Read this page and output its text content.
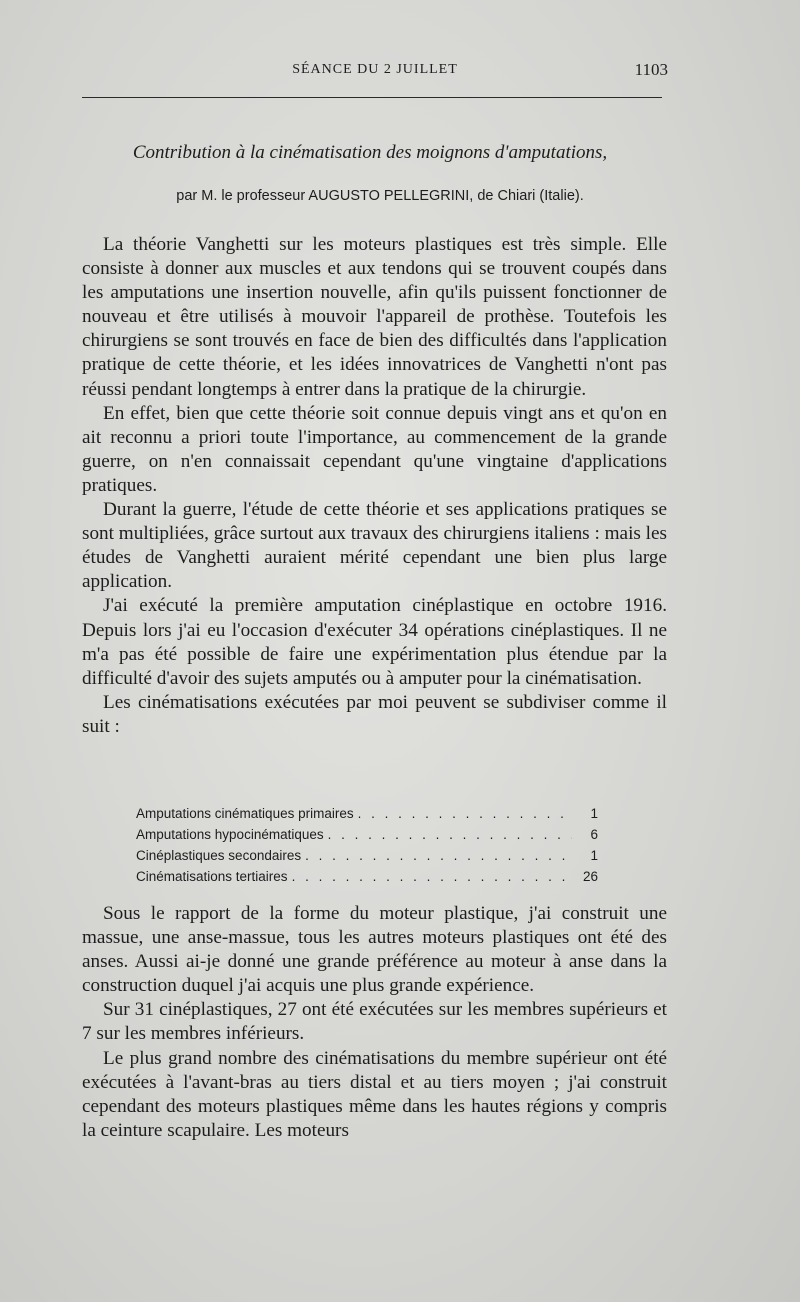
SÉANCE DU 2 JUILLET	1103
Contribution à la cinématisation des moignons d'amputations,
par M. le professeur AUGUSTO PELLEGRINI, de Chiari (Italie).

La théorie Vanghetti sur les moteurs plastiques est très simple. Elle consiste à donner aux muscles et aux tendons qui se trouvent coupés dans les amputations une insertion nouvelle, afin qu'ils puissent fonctionner de nouveau et être utilisés à mouvoir l'appareil de prothèse. Toutefois les chirurgiens se sont trouvés en face de bien des difficultés dans l'application pratique de cette théorie, et les idées innovatrices de Vanghetti n'ont pas réussi pendant longtemps à entrer dans la pratique de la chirurgie.

En effet, bien que cette théorie soit connue depuis vingt ans et qu'on en ait reconnu a priori toute l'importance, au commencement de la grande guerre, on n'en connaissait cependant qu'une vingtaine d'applications pratiques.

Durant la guerre, l'étude de cette théorie et ses applications pratiques se sont multipliées, grâce surtout aux travaux des chirurgiens italiens : mais les études de Vanghetti auraient mérité cependant une bien plus large application.

J'ai exécuté la première amputation cinéplastique en octobre 1916. Depuis lors j'ai eu l'occasion d'exécuter 34 opérations cinéplastiques. Il ne m'a pas été possible de faire une expérimentation plus étendue par la difficulté d'avoir des sujets amputés ou à amputer pour la cinématisation.

Les cinématisations exécutées par moi peuvent se subdiviser comme il suit :

Amputations cinématiques primaires . . .	1
Amputations hypocinématiques . . .	6
Cinéplastiques secondaires . . .	1
Cinématisations tertiaires . . .	26

Sous le rapport de la forme du moteur plastique, j'ai construit une massue, une anse-massue, tous les autres moteurs plastiques ont été des anses. Aussi ai-je donné une grande préférence au moteur à anse dans la construction duquel j'ai acquis une plus grande expérience.

Sur 31 cinéplastiques, 27 ont été exécutées sur les membres supérieurs et 7 sur les membres inférieurs.

Le plus grand nombre des cinématisations du membre supérieur ont été exécutées à l'avant-bras au tiers distal et au tiers moyen ; j'ai construit cependant des moteurs plastiques même dans les hautes régions y compris la ceinture scapulaire. Les moteurs
